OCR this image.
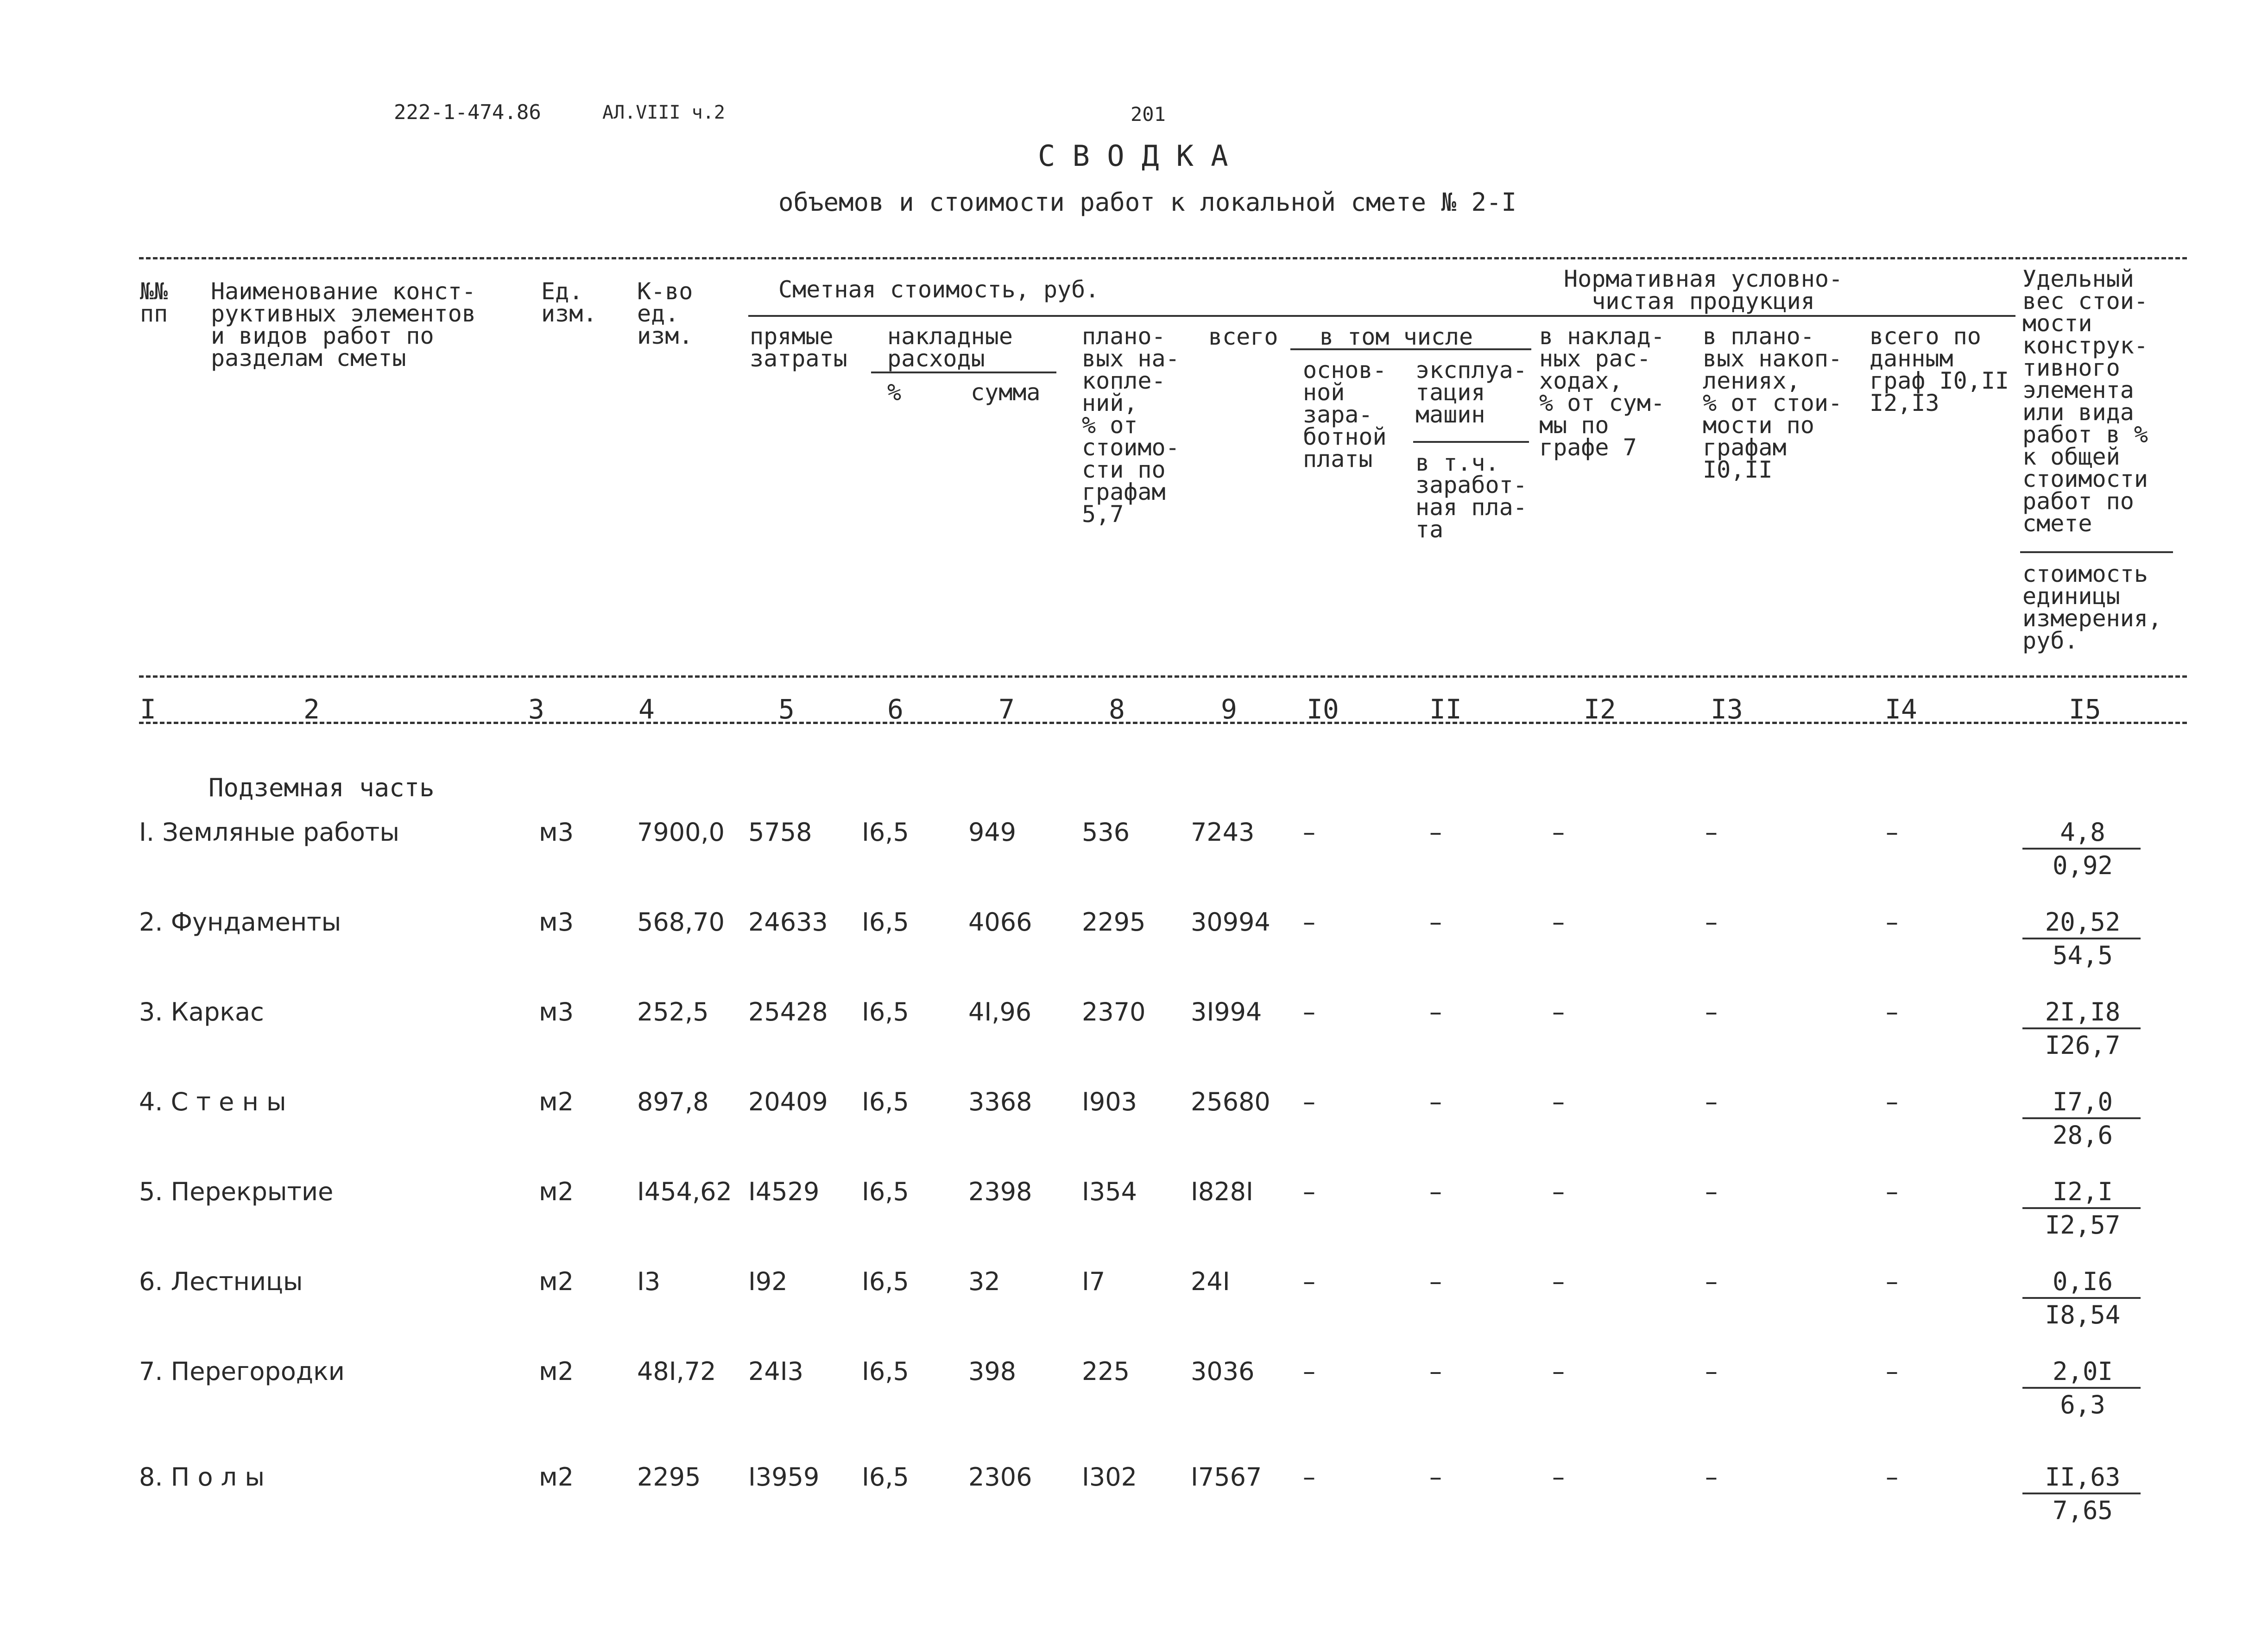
222-1-474.86	АЛ.VIII ч.2	201
С В О Д К А
объемов и стоимости работ к локальной смете № 2-I
№№
пп
Наименование конст-
руктивных элементов
и видов работ по
разделам сметы
Ед.
изм.
К-во
ед.
изм.
Сметная стоимость, руб.
прямые
затраты
накладные
расходы
%	сумма
плано-
вых на-
копле-
ний,
% от
стоимо-
сти по
графам
5,7
всего в том числе
основ-
ной
зара-
ботной
платы
эксплуа-
тация
машин
в т.ч.
заработ-
ная пла-
та
Нормативная условно-
чистая продукция
в наклад-
ных рас-
ходах,
% от сум-
мы по
графе 7
в плано-
вых накоп-
лениях,
% от стои-
мости по
графам
I0,II
всего по
данным
граф I0,II
I2,I3
Удельный
вес стои-
мости
конструк-
тивного
элемента
или вида
работ в %
к общей
стоимости
работ по
смете
стоимость
единицы
измерения,
руб.
I	2	3	4	5	6	7	8	9	I0	II	I2	I3	I4	I5
Подземная часть
I. Земляные работы	м3	7900,0 5758 I6,5 949	536 7243 –	–	–	–	–	4,8
0,92
2. Фундаменты	м3	568,70 24633 I6,5 4066 2295 30994 –	–	–	–	–	20,52
54,5
3. Каркас	м3	252,5 25428 I6,5 4I,96 2370 3I994 –	–	–	–	–	2I,I8
I26,7
4. С т е н ы	м2	897,8 20409 I6,5 3368 I903 25680 –	–	–	–	–	I7,0
28,6
5. Перекрытие	м2	I454,62 I4529 I6,5 2398 I354 I828I –	–	–	–	–	I2,I
I2,57
6. Лестницы	м2	I3	I92	I6,5 32	I7	24I	–	–	–	–	–	0,I6
I8,54
7. Перегородки	м2	48I,72 24I3 I6,5 398	225 3036 –	–	–	–	–	2,0I
6,3
8. П о л ы	м2	2295 I3959 I6,5 2306 I302 I7567 –	–	–	–	–	II,63
7,65
